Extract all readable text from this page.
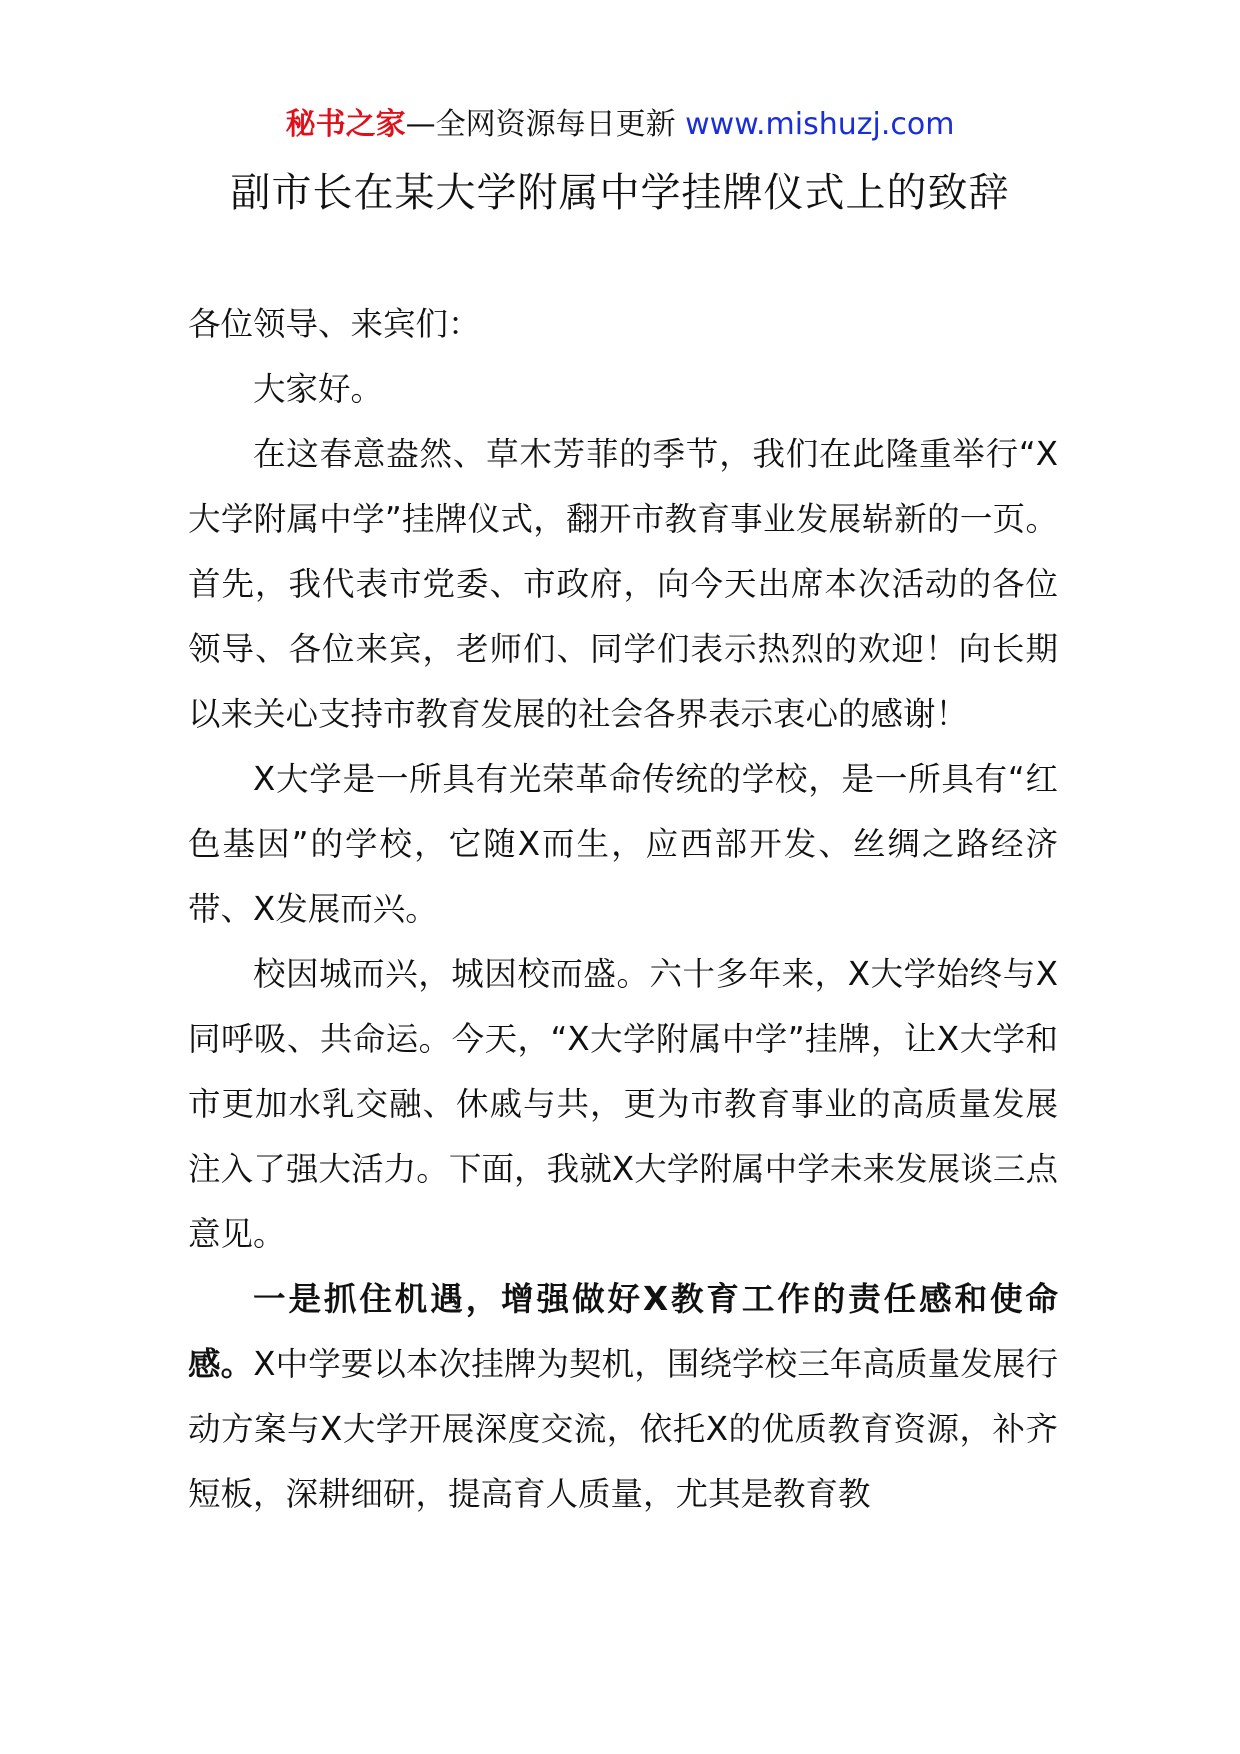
秘书之家—全网资源每日更新 www.mishuzj.com
副市长在某大学附属中学挂牌仪式上的致辞

各位领导、来宾们：

大家好。

在这春意盎然、草木芳菲的季节，我们在此隆重举行“X大学附属中学”挂牌仪式，翻开市教育事业发展崭新的一页。首先，我代表市党委、市政府，向今天出席本次活动的各位领导、各位来宾，老师们、同学们表示热烈的欢迎！向长期以来关心支持市教育发展的社会各界表示衷心的感谢！

X大学是一所具有光荣革命传统的学校，是一所具有“红色基因”的学校，它随X而生，应西部开发、丝绸之路经济带、X发展而兴。

校因城而兴，城因校而盛。六十多年来，X大学始终与X同呼吸、共命运。今天，“X大学附属中学”挂牌，让X大学和市更加水乳交融、休戚与共，更为市教育事业的高质量发展注入了强大活力。下面，我就X大学附属中学未来发展谈三点意见。

一是抓住机遇，增强做好X教育工作的责任感和使命感。X中学要以本次挂牌为契机，围绕学校三年高质量发展行动方案与X大学开展深度交流，依托X的优质教育资源，补齐短板，深耕细研，提高育人质量，尤其是教育教
